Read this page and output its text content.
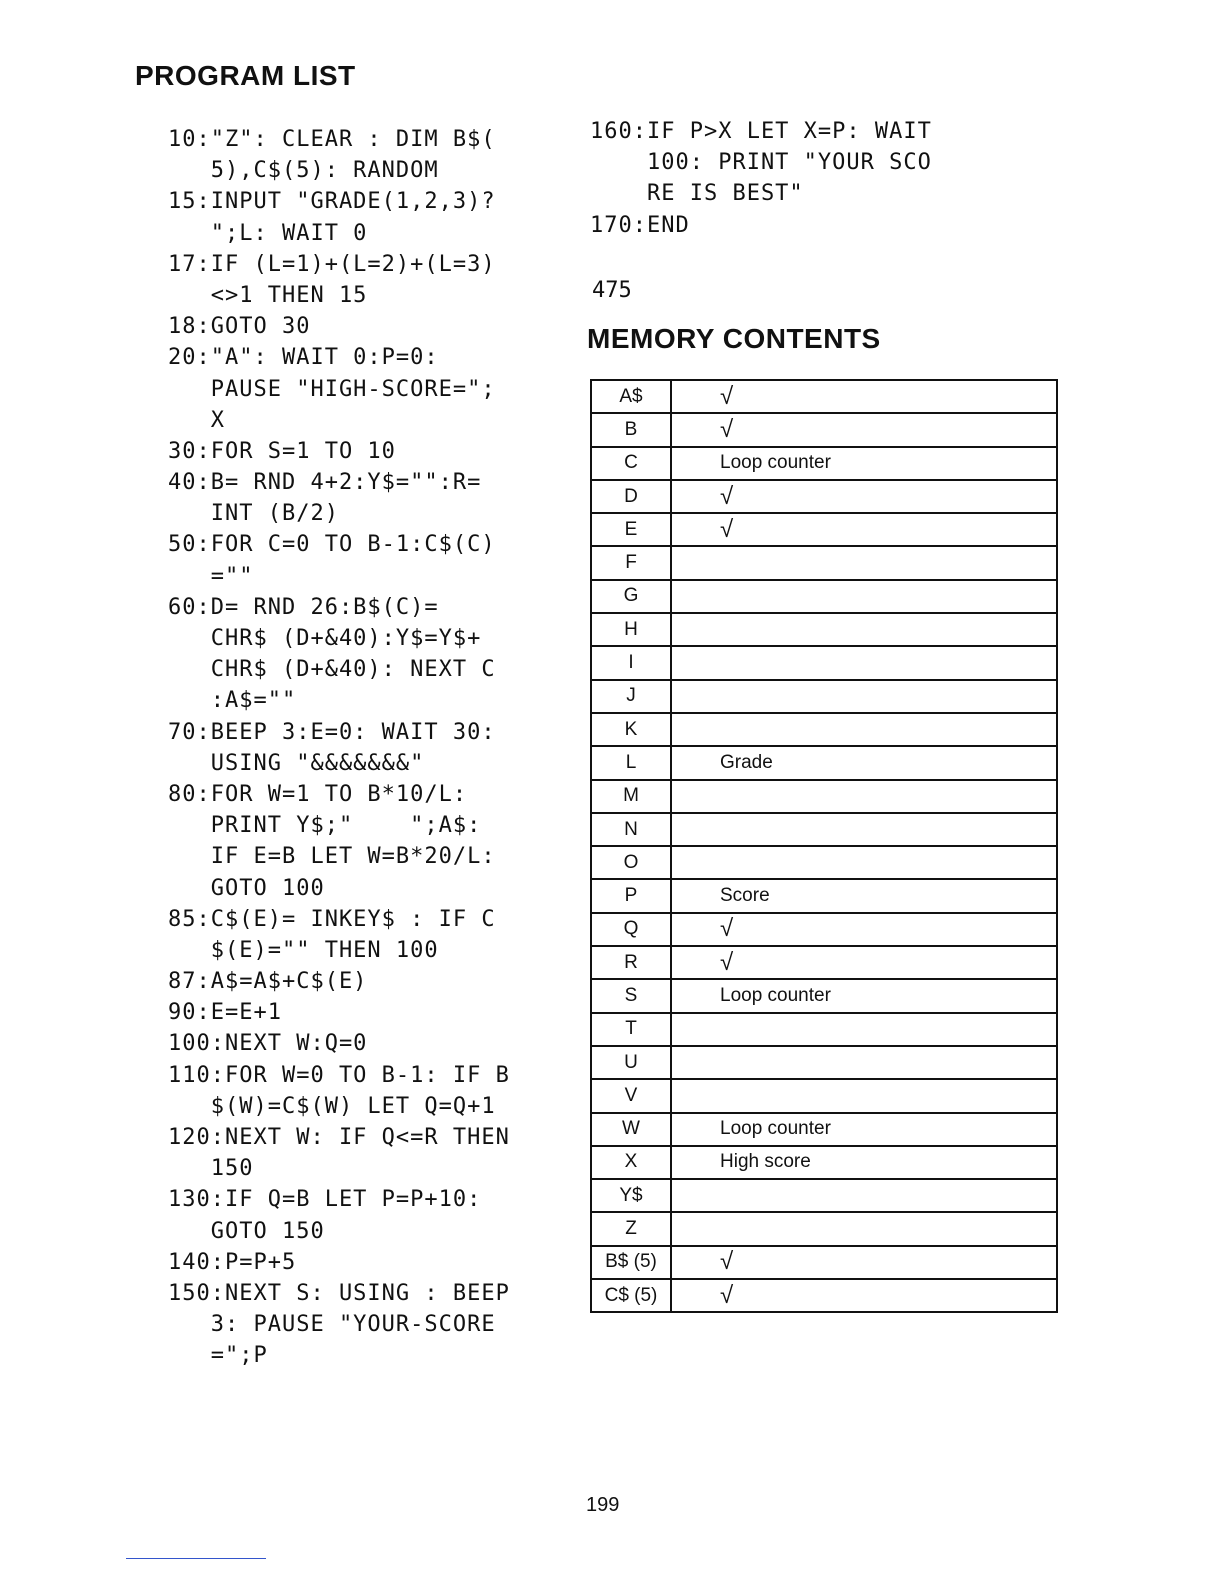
PROGRAM LIST
10:"Z": CLEAR : DIM B$(
5),C$(5): RANDOM
15:INPUT "GRADE(1,2,3)?
";L: WAIT 0
17:IF (L=1)+(L=2)+(L=3)
<>1 THEN 15
18:GOTO 30
20:"A": WAIT 0:P=0:
PAUSE "HIGH-SCORE=";
X
30:FOR S=1 TO 10
40:B= RND 4+2:Y$="":R=
INT (B/2)
50:FOR C=0 TO B-1:C$(C)
=""
60:D= RND 26:B$(C)=
CHR$ (D+&40):Y$=Y$+
CHR$ (D+&40): NEXT C
:A$=""
70:BEEP 3:E=0: WAIT 30:
USING "&&&&&&&"
80:FOR W=1 TO B*10/L:
PRINT Y$;"    ";A$:
IF E=B LET W=B*20/L:
GOTO 100
85:C$(E)= INKEY$ : IF C
$(E)="" THEN 100
87:A$=A$+C$(E)
90:E=E+1
100:NEXT W:Q=0
110:FOR W=0 TO B-1: IF B
$(W)=C$(W) LET Q=Q+1
120:NEXT W: IF Q<=R THEN
150
130:IF Q=B LET P=P+10:
GOTO 150
140:P=P+5
150:NEXT S: USING : BEEP
3: PAUSE "YOUR-SCORE
=";P
160:IF P>X LET X=P: WAIT
100: PRINT "YOUR SCO
RE IS BEST"
170:END
475
MEMORY CONTENTS
A$	√
B	√
C	Loop counter
D	√
E	√
F	
G	
H	
I	
J	
K	
L	Grade
M	
N	
O	
P	Score
Q	√
R	√
S	Loop counter
T	
U	
V	
W	Loop counter
X	High score
Y$	
Z	
B$ (5)	√
C$ (5)	√
199
